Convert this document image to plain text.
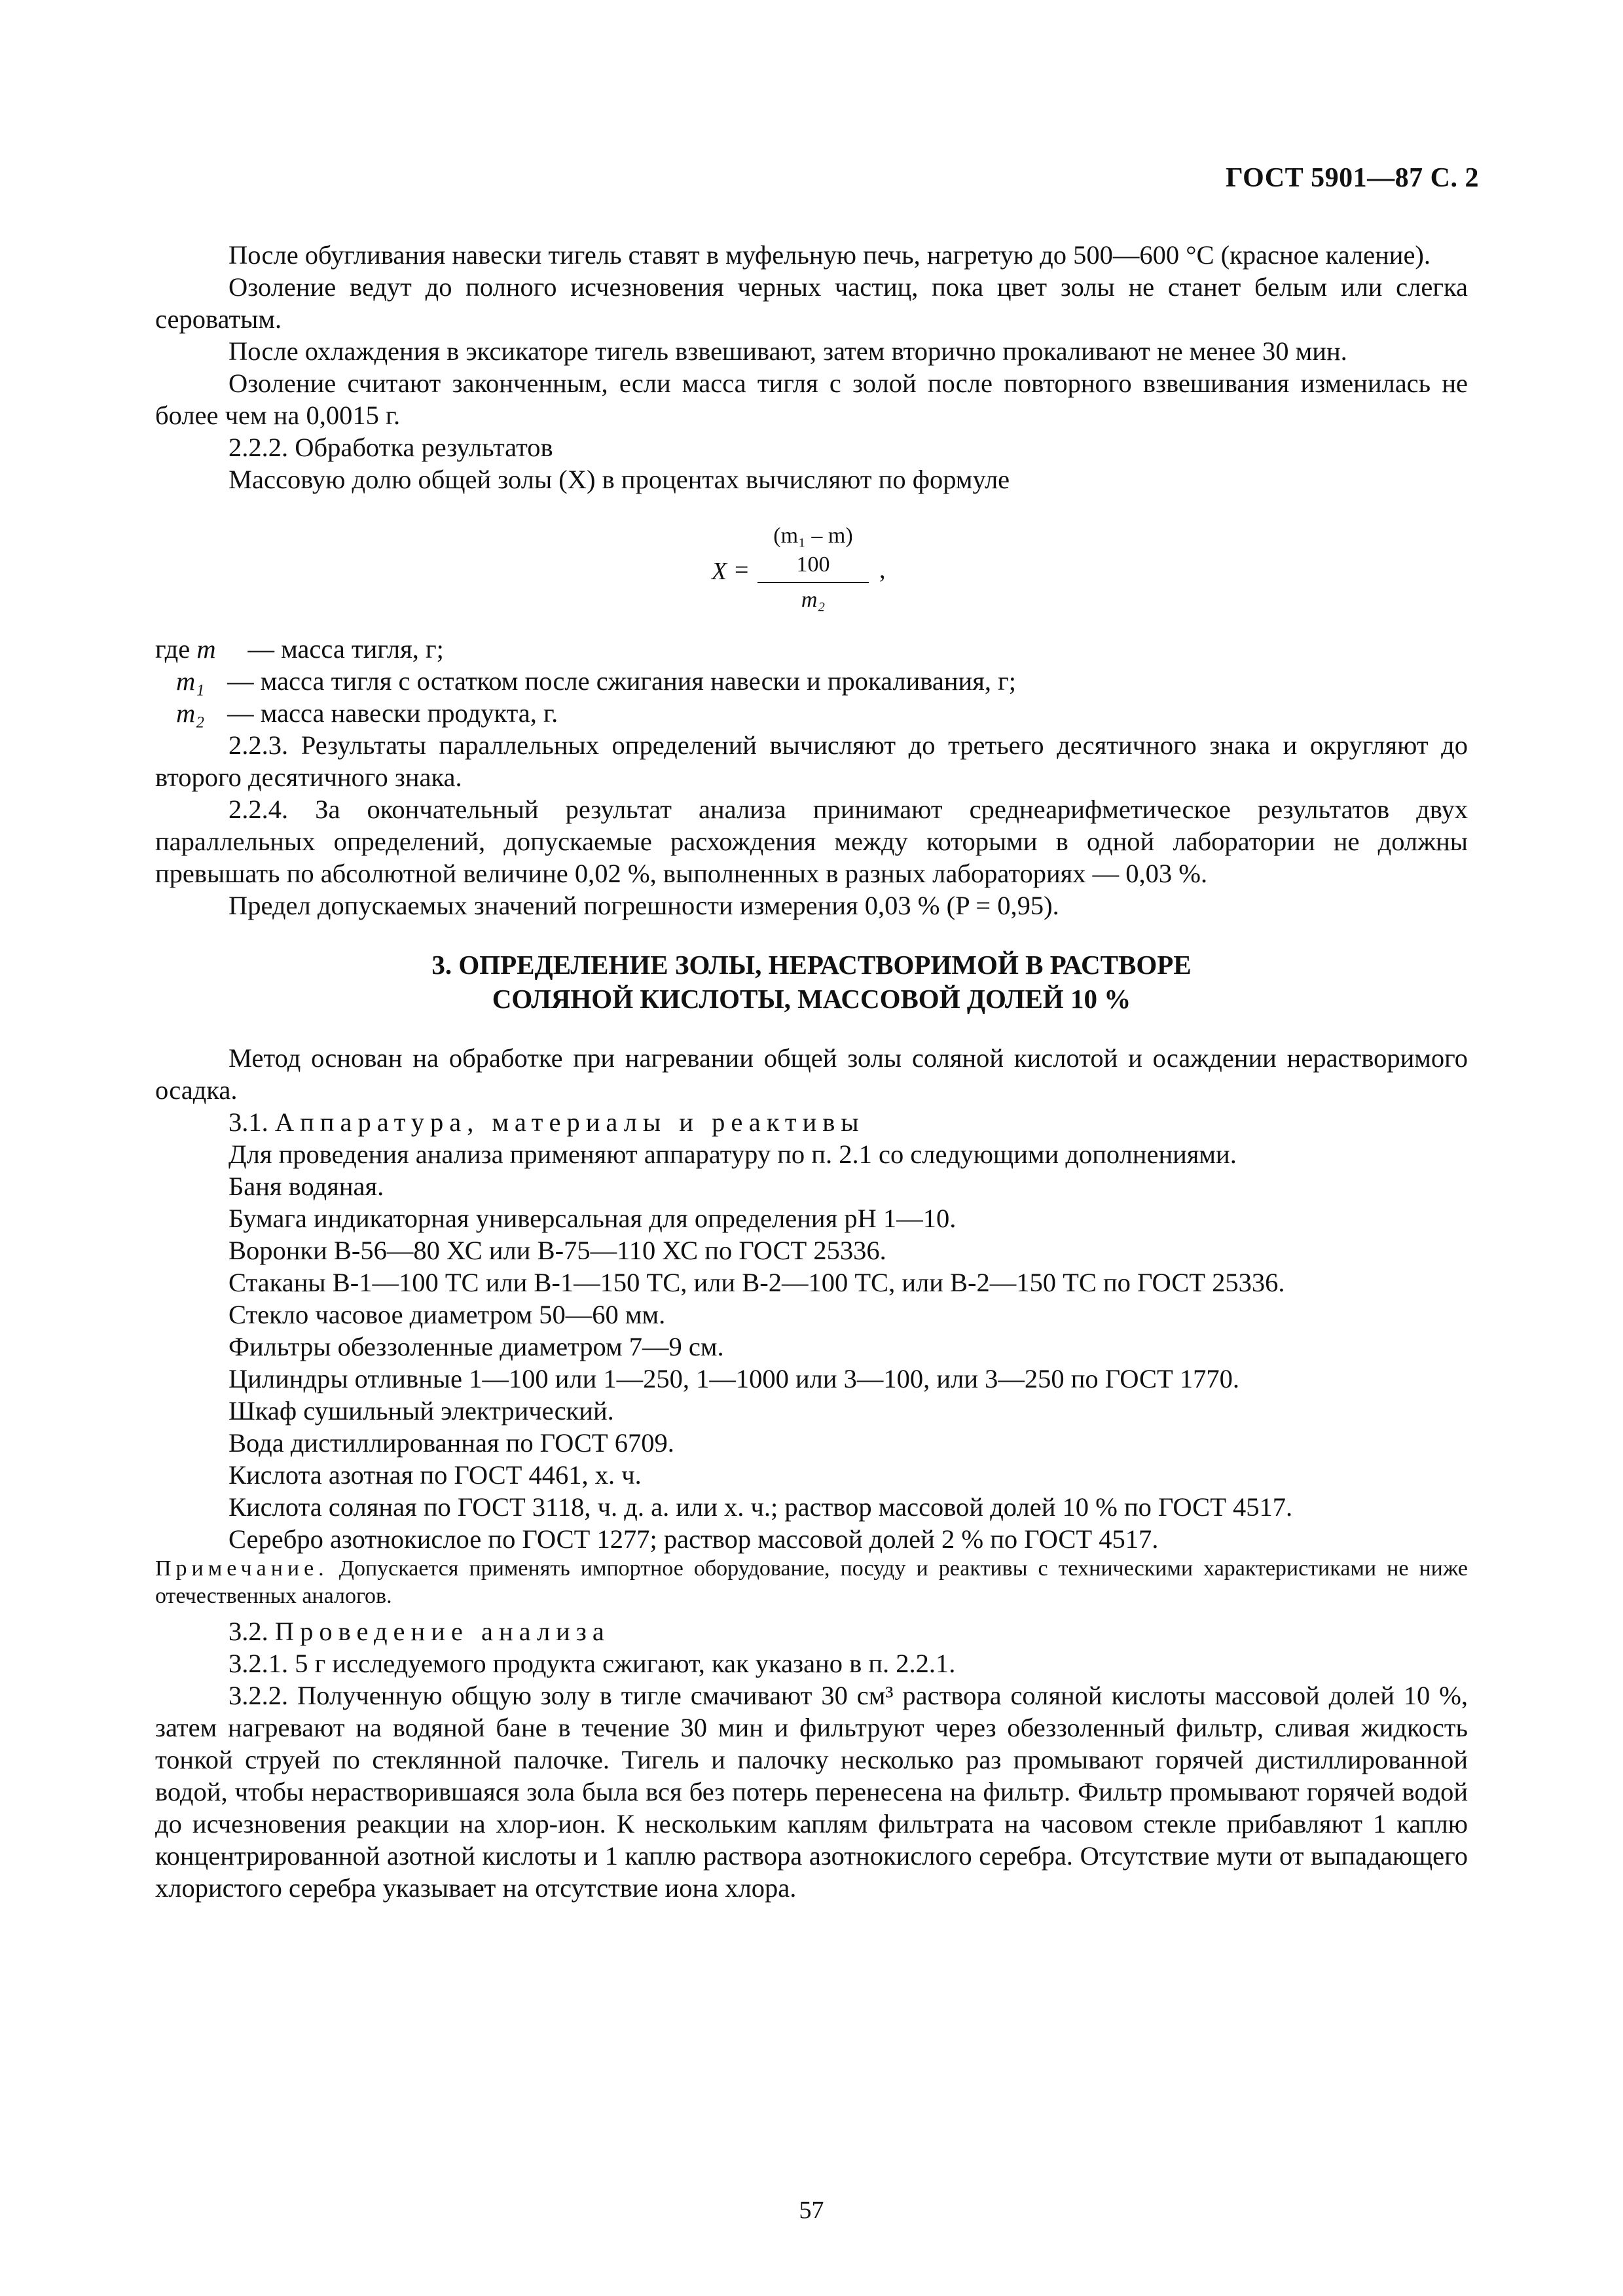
ГОСТ 5901—87 С. 2

После обугливания навески тигель ставят в муфельную печь, нагретую до 500—600 °С (красное каление).

Озоление ведут до полного исчезновения черных частиц, пока цвет золы не станет белым или слегка сероватым.

После охлаждения в эксикаторе тигель взвешивают, затем вторично прокаливают не менее 30 мин.

Озоление считают законченным, если масса тигля с золой после повторного взвешивания изменилась не более чем на 0,0015 г.

2.2.2. Обработка результатов

Массовую долю общей золы (X) в процентах вычисляют по формуле

X =
(m₁ – m) 100
m₂
,

где m — масса тигля, г;

m₁ — масса тигля с остатком после сжигания навески и прокаливания, г;

m₂ — масса навески продукта, г.

2.2.3. Результаты параллельных определений вычисляют до третьего десятичного знака и округляют до второго десятичного знака.

2.2.4. За окончательный результат анализа принимают среднеарифметическое результатов двух параллельных определений, допускаемые расхождения между которыми в одной лаборатории не должны превышать по абсолютной величине 0,02 %, выполненных в разных лабораториях — 0,03 %.

Предел допускаемых значений погрешности измерения 0,03 % (P = 0,95).

3. ОПРЕДЕЛЕНИЕ ЗОЛЫ, НЕРАСТВОРИМОЙ В РАСТВОРЕ
СОЛЯНОЙ КИСЛОТЫ, МАССОВОЙ ДОЛЕЙ 10 %

Метод основан на обработке при нагревании общей золы соляной кислотой и осаждении нерастворимого осадка.

3.1. Аппаратура, материалы и реактивы

Для проведения анализа применяют аппаратуру по п. 2.1 со следующими дополнениями.

Баня водяная.

Бумага индикаторная универсальная для определения рН 1—10.

Воронки В-56—80 ХС или В-75—110 ХС по ГОСТ 25336.

Стаканы В-1—100 ТС или В-1—150 ТС, или В-2—100 ТС, или В-2—150 ТС по ГОСТ 25336.

Стекло часовое диаметром 50—60 мм.

Фильтры обеззоленные диаметром 7—9 см.

Цилиндры отливные 1—100 или 1—250, 1—1000 или 3—100, или 3—250 по ГОСТ 1770.

Шкаф сушильный электрический.

Вода дистиллированная по ГОСТ 6709.

Кислота азотная по ГОСТ 4461, х. ч.

Кислота соляная по ГОСТ 3118, ч. д. а. или х. ч.; раствор массовой долей 10 % по ГОСТ 4517.

Серебро азотнокислое по ГОСТ 1277; раствор массовой долей 2 % по ГОСТ 4517.

Примечание. Допускается применять импортное оборудование, посуду и реактивы с техническими характеристиками не ниже отечественных аналогов.

3.2. Проведение анализа

3.2.1. 5 г исследуемого продукта сжигают, как указано в п. 2.2.1.

3.2.2. Полученную общую золу в тигле смачивают 30 см³ раствора соляной кислоты массовой долей 10 %, затем нагревают на водяной бане в течение 30 мин и фильтруют через обеззоленный фильтр, сливая жидкость тонкой струей по стеклянной палочке. Тигель и палочку несколько раз промывают горячей дистиллированной водой, чтобы нерастворившаяся зола была вся без потерь перенесена на фильтр. Фильтр промывают горячей водой до исчезновения реакции на хлор-ион. К нескольким каплям фильтрата на часовом стекле прибавляют 1 каплю концентрированной азотной кислоты и 1 каплю раствора азотнокислого серебра. Отсутствие мути от выпадающего хлористого серебра указывает на отсутствие иона хлора.

57
